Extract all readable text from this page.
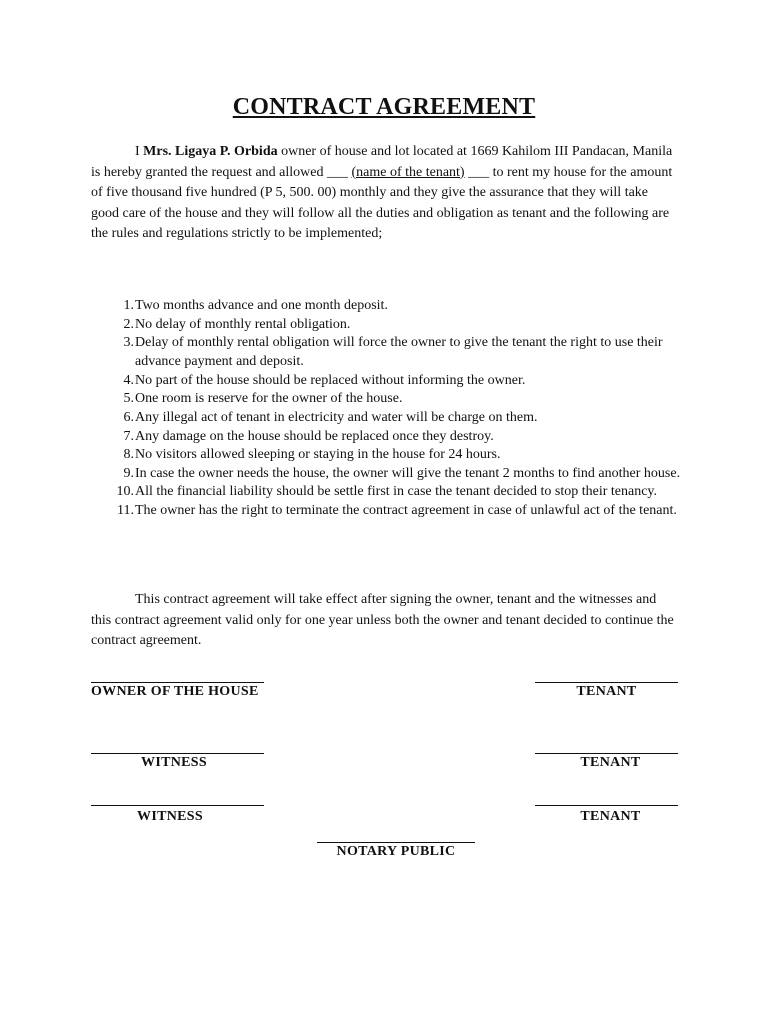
CONTRACT AGREEMENT

I Mrs. Ligaya P. Orbida owner of house and lot located at 1669 Kahilom III Pandacan, Manila is hereby granted the request and allowed ___ (name of the tenant) ___ to rent my house for the amount of five thousand five hundred (P 5, 500. 00) monthly and they give the assurance that they will take good care of the house and they will follow all the duties and obligation as tenant and the following are the rules and regulations strictly to be implemented;

1. Two months advance and one month deposit.
2. No delay of monthly rental obligation.
3. Delay of monthly rental obligation will force the owner to give the tenant the right to use their advance payment and deposit.
4. No part of the house should be replaced without informing the owner.
5. One room is reserve for the owner of the house.
6. Any illegal act of tenant in electricity and water will be charge on them.
7. Any damage on the house should be replaced once they destroy.
8. No visitors allowed sleeping or staying in the house for 24 hours.
9. In case the owner needs the house, the owner will give the tenant 2 months to find another house.
10. All the financial liability should be settle first in case the tenant decided to stop their tenancy.
11. The owner has the right to terminate the contract agreement in case of unlawful act of the tenant.

This contract agreement will take effect after signing the owner, tenant and the witnesses and this contract agreement valid only for one year unless both the owner and tenant decided to continue the contract agreement.

OWNER OF THE HOUSE	TENANT
WITNESS	TENANT
WITNESS	TENANT
NOTARY PUBLIC
